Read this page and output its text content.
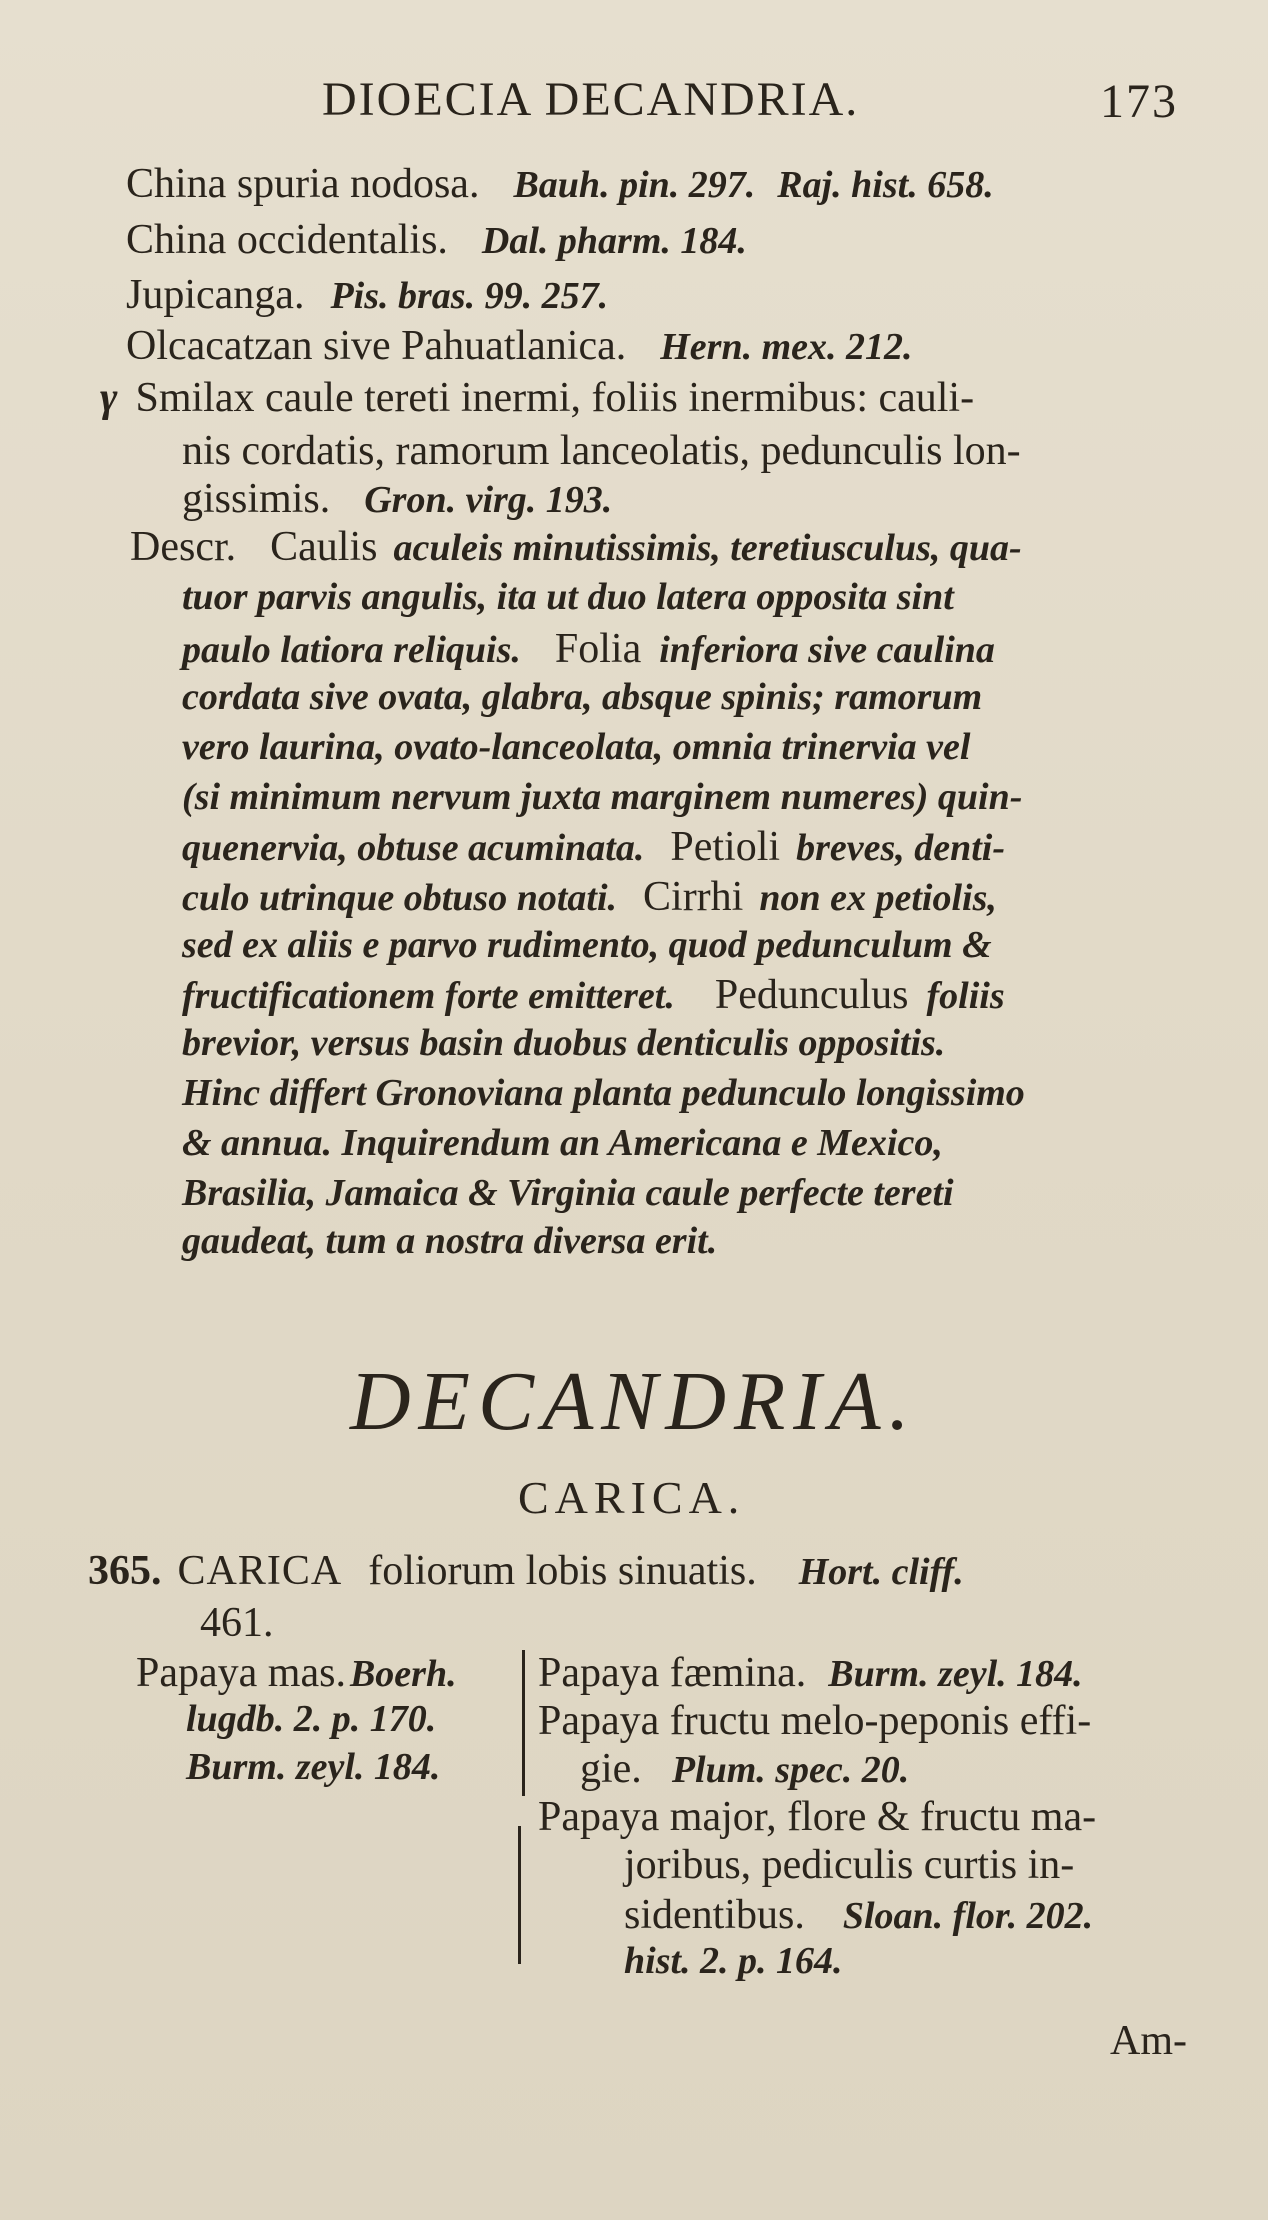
DIOECIA DECANDRIA.	173
China spuria nodosa. Bauh. pin. 297. Raj. hist. 658.
China occidentalis. Dal. pharm. 184.
Jupicanga. Pis. bras. 99. 257.
Olcacatzan sive Pahuatlanica. Hern. mex. 212.
γ Smilax caule tereti inermi, foliis inermibus: cauli-
nis cordatis, ramorum lanceolatis, pedunculis lon-
gissimis. Gron. virg. 193.
Descr. Caulis aculeis minutissimis, teretiusculus, qua-
tuor parvis angulis, ita ut duo latera opposita sint
paulo latiora reliquis. Folia inferiora sive caulina
cordata sive ovata, glabra, absque spinis; ramorum
vero laurina, ovato-lanceolata, omnia trinervia vel
(si minimum nervum juxta marginem numeres) quin-
quenervia, obtuse acuminata. Petioli breves, denti-
culo utrinque obtuso notati. Cirrhi non ex petiolis,
sed ex aliis e parvo rudimento, quod pedunculum &
fructificationem forte emitteret. Pedunculus foliis
brevior, versus basin duobus denticulis oppositis.
Hinc differt Gronoviana planta pedunculo longissimo
& annua. Inquirendum an Americana e Mexico,
Brasilia, Jamaica & Virginia caule perfecte tereti
gaudeat, tum a nostra diversa erit.
DECANDRIA.
CARICA.
365. CARICA foliorum lobis sinuatis. Hort. cliff.
461.
Papaya mas. Boerh.
lugdb. 2. p. 170.
Burm. zeyl. 184.
Papaya fæmina. Burm. zeyl. 184.
Papaya fructu melo-peponis effi-
gie. Plum. spec. 20.
Papaya major, flore & fructu ma-
joribus, pediculis curtis in-
sidentibus. Sloan. flor. 202.
hist. 2. p. 164.
Am-
